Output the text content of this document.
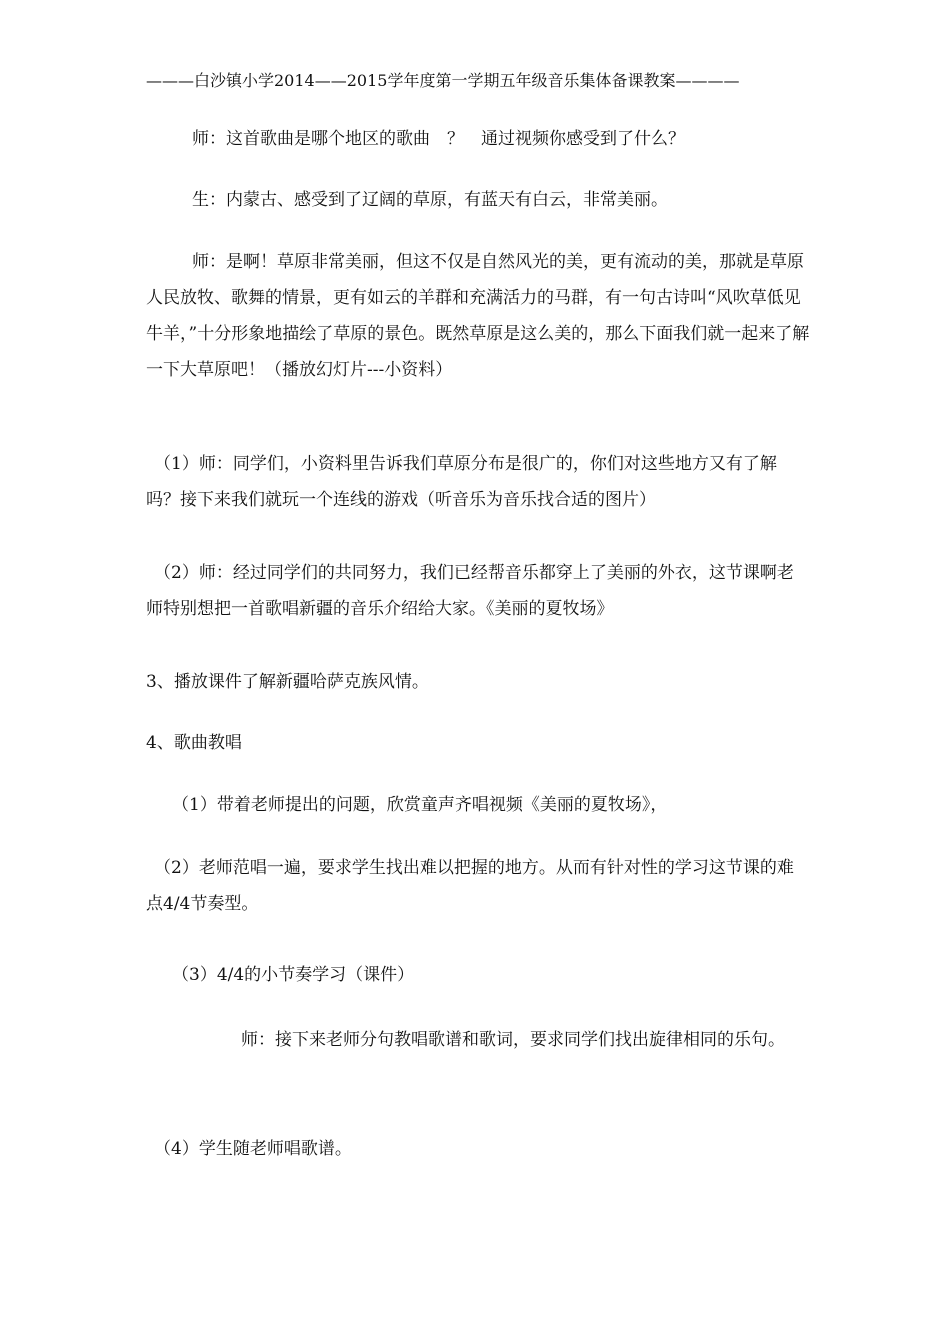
———白沙镇小学2014——2015学年度第一学期五年级音乐集体备课教案————
师：这首歌曲是哪个地区的歌曲　？　通过视频你感受到了什么？
生：内蒙古、感受到了辽阔的草原，有蓝天有白云，非常美丽。
师：是啊！草原非常美丽，但这不仅是自然风光的美，更有流动的美，那就是草原人民放牧、歌舞的情景，更有如云的羊群和充满活力的马群，有一句古诗叫“风吹草低见牛羊，”十分形象地描绘了草原的景色。既然草原是这么美的，那么下面我们就一起来了解一下大草原吧！（播放幻灯片---小资料）
（1）师：同学们，小资料里告诉我们草原分布是很广的，你们对这些地方又有了解吗？接下来我们就玩一个连线的游戏（听音乐为音乐找合适的图片）
（2）师：经过同学们的共同努力，我们已经帮音乐都穿上了美丽的外衣，这节课啊老师特别想把一首歌唱新疆的音乐介绍给大家。《美丽的夏牧场》
3、播放课件了解新疆哈萨克族风情。
4、歌曲教唱
（1）带着老师提出的问题，欣赏童声齐唱视频《美丽的夏牧场》，
（2）老师范唱一遍，要求学生找出难以把握的地方。从而有针对性的学习这节课的难点4/4节奏型。
（3）4/4的小节奏学习（课件）
师：接下来老师分句教唱歌谱和歌词，要求同学们找出旋律相同的乐句。
（4）学生随老师唱歌谱。
